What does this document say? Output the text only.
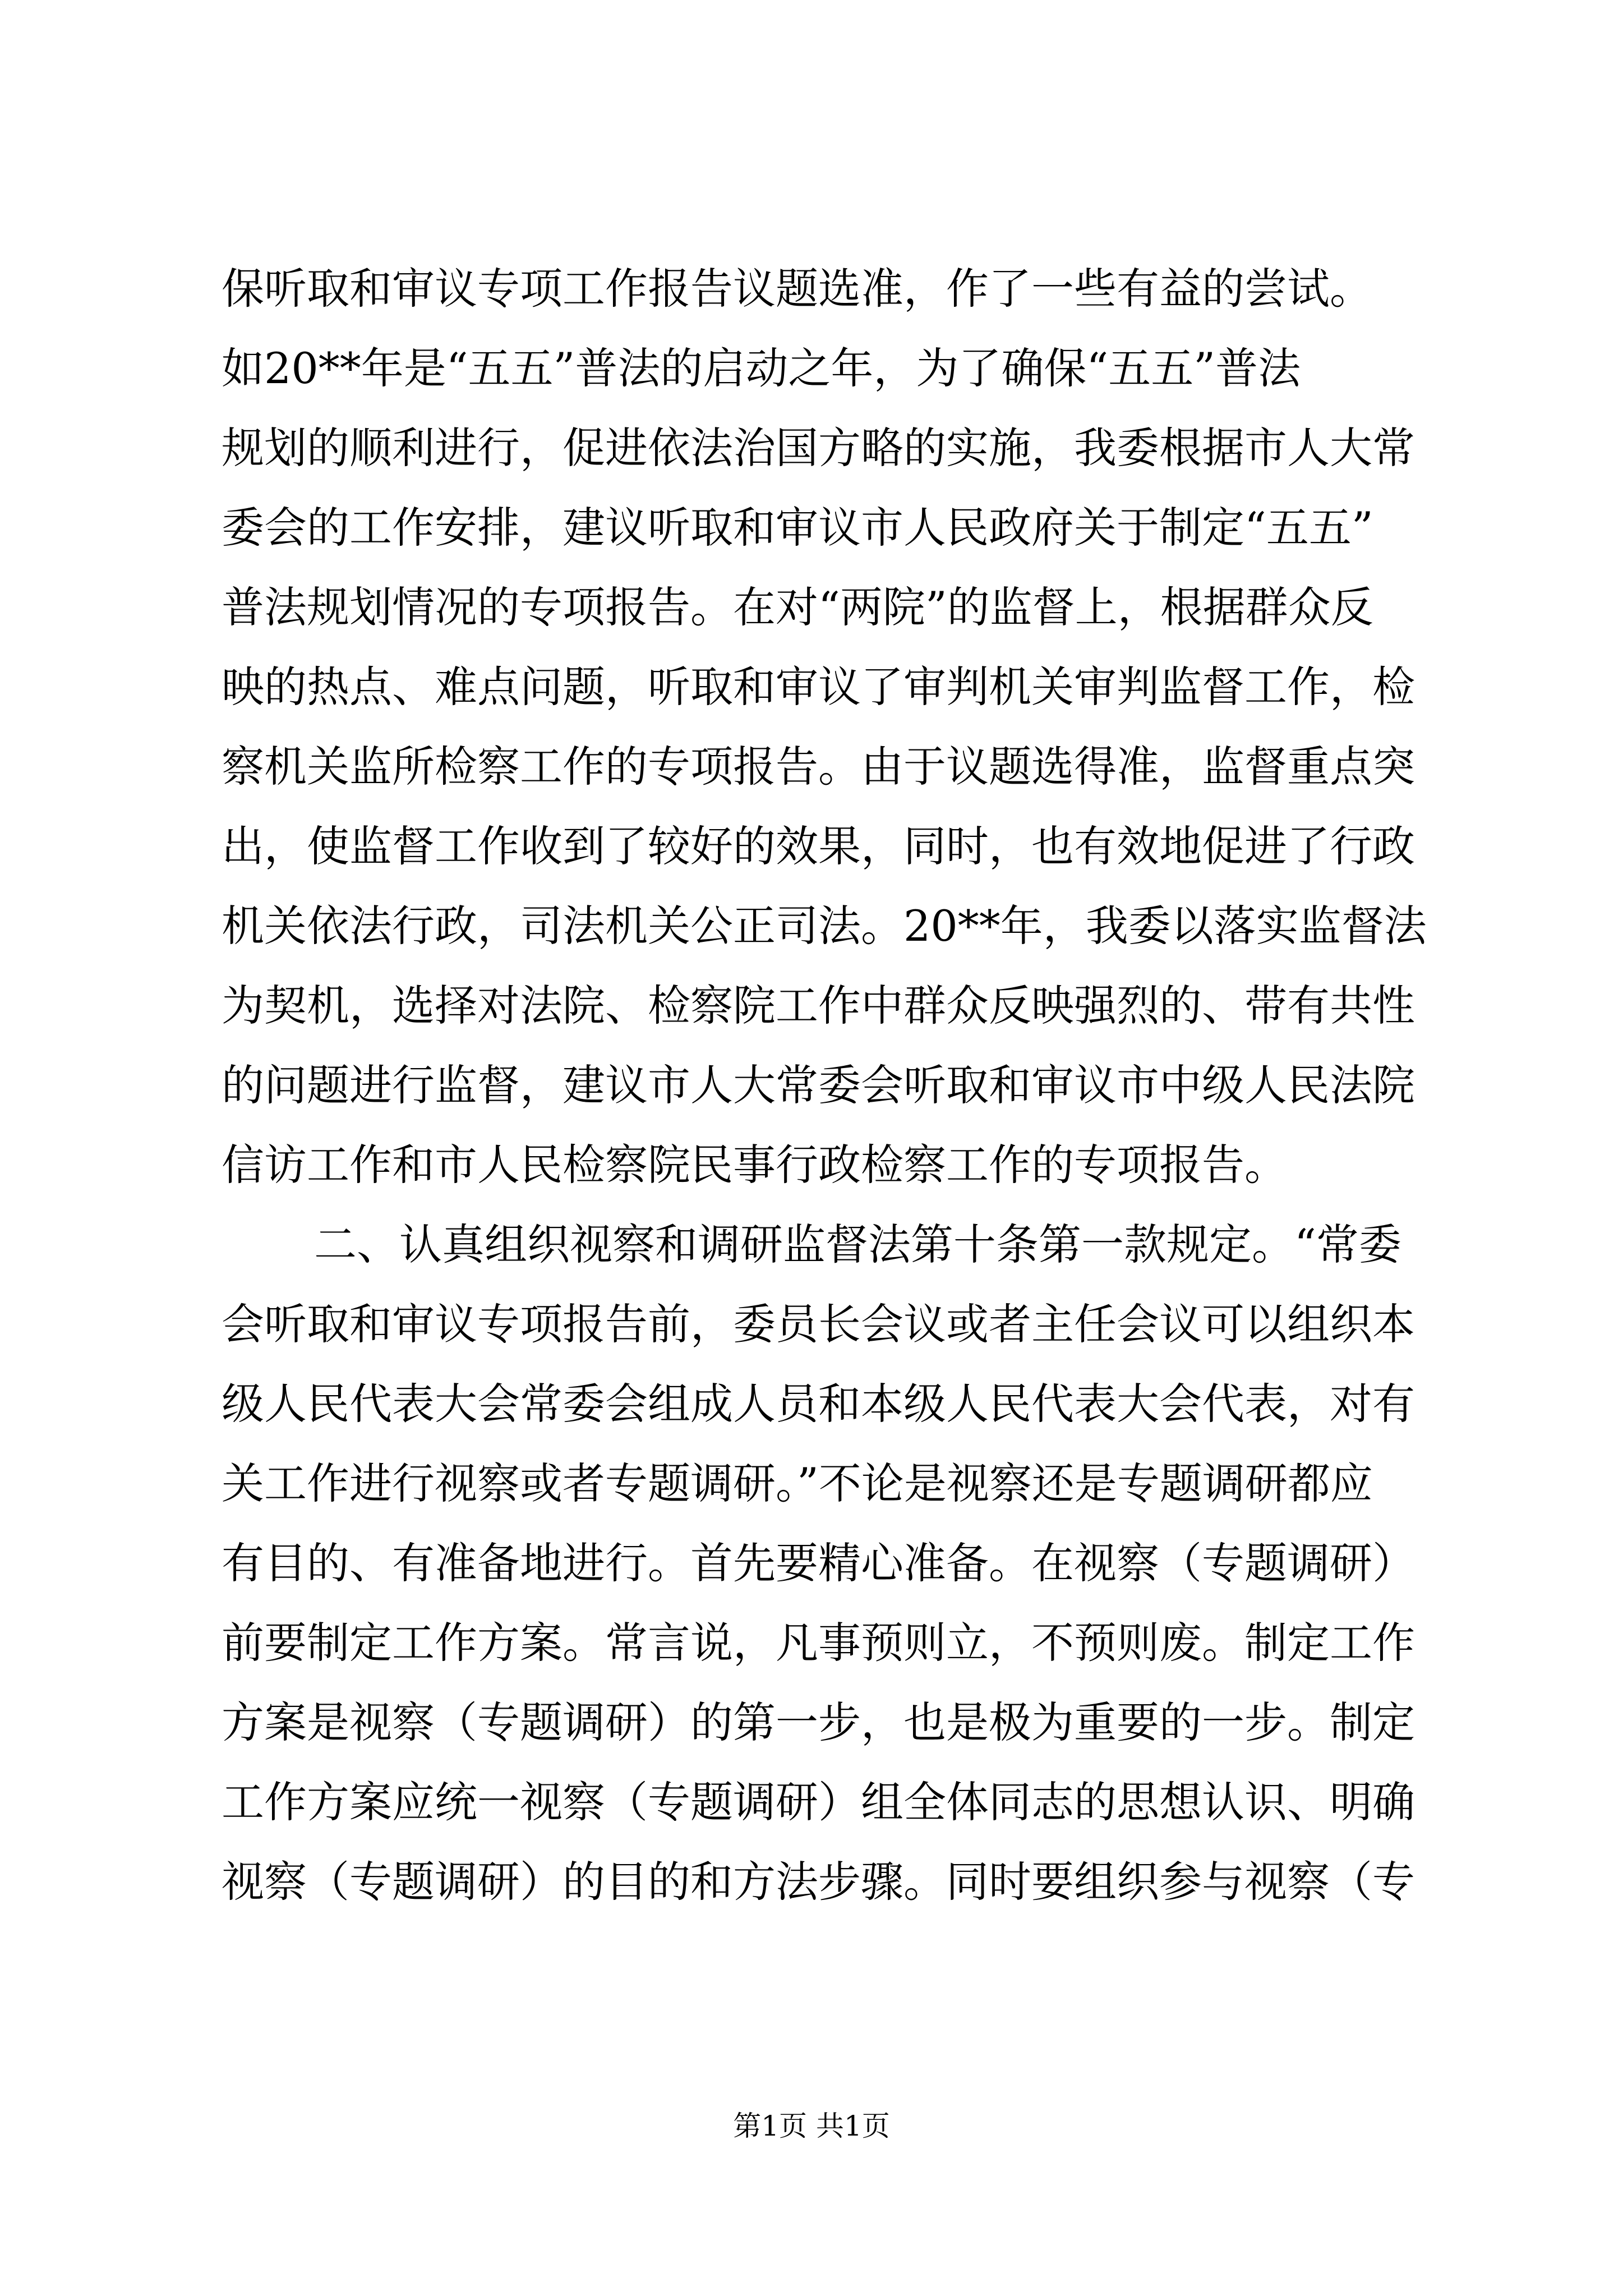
保听取和审议专项工作报告议题选准，作了一些有益的尝试。
如20**年是“五五”普法的启动之年，为了确保“五五”普法
规划的顺利进行，促进依法治国方略的实施，我委根据市人大常
委会的工作安排，建议听取和审议市人民政府关于制定“五五”
普法规划情况的专项报告。在对“两院”的监督上，根据群众反
映的热点、难点问题，听取和审议了审判机关审判监督工作，检
察机关监所检察工作的专项报告。由于议题选得准，监督重点突
出，使监督工作收到了较好的效果，同时，也有效地促进了行政
机关依法行政，司法机关公正司法。20**年，我委以落实监督法
为契机，选择对法院、检察院工作中群众反映强烈的、带有共性
的问题进行监督，建议市人大常委会听取和审议市中级人民法院
信访工作和市人民检察院民事行政检察工作的专项报告。
二、认真组织视察和调研监督法第十条第一款规定。“常委
会听取和审议专项报告前，委员长会议或者主任会议可以组织本
级人民代表大会常委会组成人员和本级人民代表大会代表，对有
关工作进行视察或者专题调研。”不论是视察还是专题调研都应
有目的、有准备地进行。首先要精心准备。在视察（专题调研）
前要制定工作方案。常言说，凡事预则立，不预则废。制定工作
方案是视察（专题调研）的第一步，也是极为重要的一步。制定
工作方案应统一视察（专题调研）组全体同志的思想认识、明确
视察（专题调研）的目的和方法步骤。同时要组织参与视察（专
第1页 共1页
